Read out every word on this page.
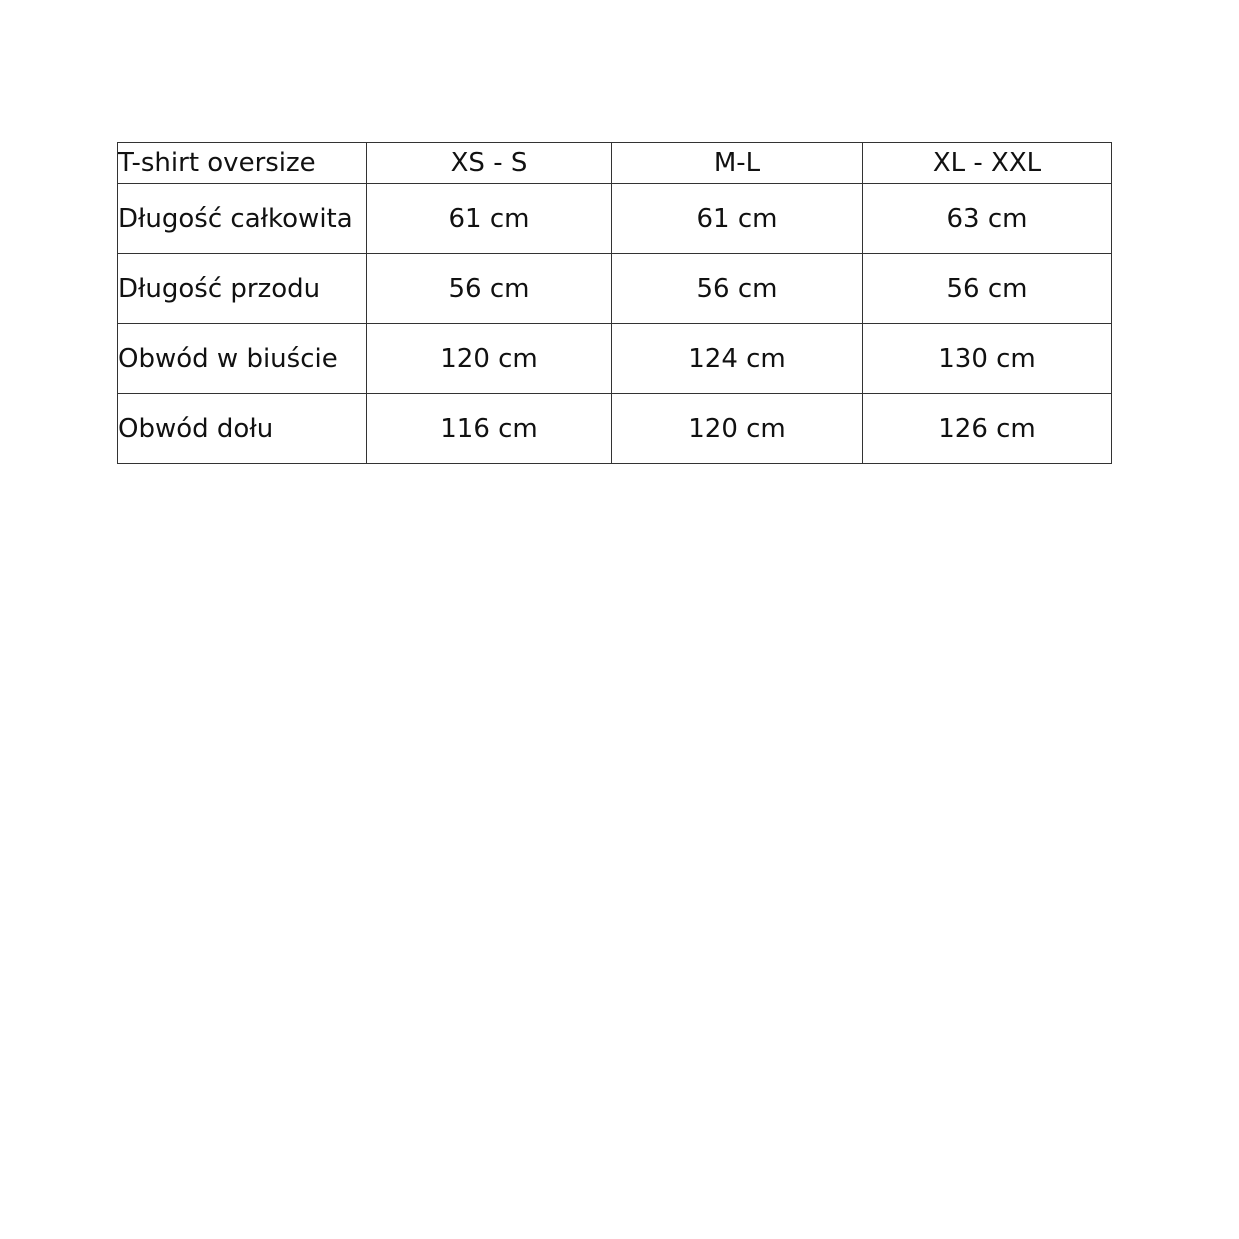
T-shirt oversize	XS - S	M-L	XL - XXL
Długość całkowita	61 cm	61 cm	63 cm
Długość przodu	56 cm	56 cm	56 cm
Obwód w biuście	120 cm	124 cm	130 cm
Obwód dołu	116 cm	120 cm	126 cm
